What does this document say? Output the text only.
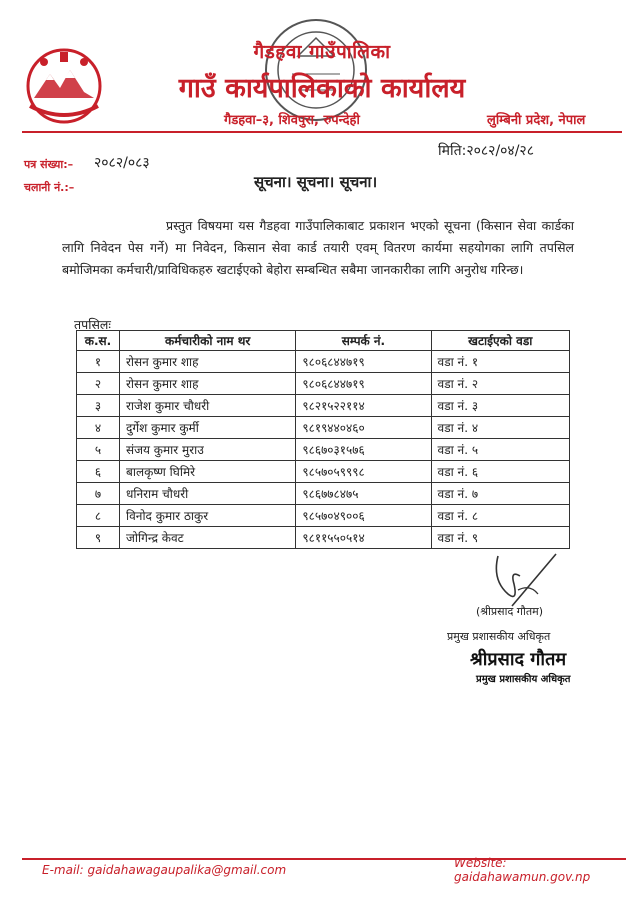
गैडहवा गाउँपालिका
गाउँ कार्यपालिकाको कार्यालय
गैडहवा–३, शिवपुरा, रुपन्देही	लुम्बिनी प्रदेश, नेपाल
मिति:२०८२/०४/२८
पत्र संख्या:– २०८२/०८३
चलानी नं.:–	सूचना। सूचना। सूचना।
प्रस्तुत विषयमा यस गैडहवा गाउँपालिकाबाट प्रकाशन भएको सूचना (किसान सेवा कार्डका लागि निवेदन पेस गर्ने) मा निवेदन, किसान सेवा कार्ड तयारी एवम् वितरण कार्यमा सहयोगका लागि तपसिल बमोजिमका कर्मचारी/प्राविधिकहरु खटाईएको बेहोरा सम्बन्धित सबैमा जानकारीका लागि अनुरोध गरिन्छ।
तपसिलः
क.स.	कर्मचारीको नाम थर	सम्पर्क नं.	खटाईएको वडा
१	रोसन कुमार शाह	९८०६८४४७१९	वडा नं. १
२	रोसन कुमार शाह	९८०६८४४७१९	वडा नं. २
३	राजेश कुमार चौधरी	९८२१५२२११४	वडा नं. ३
४	दुर्गेश कुमार कुर्मी	९८१९४४०४६०	वडा नं. ४
५	संजय कुमार मुराउ	९८६७०३१५७६	वडा नं. ५
६	बालकृष्ण घिमिरे	९८५७०५९९९८	वडा नं. ६
७	धनिराम चौधरी	९८६७७८४७५	वडा नं. ७
८	विनोद कुमार ठाकुर	९८५७०४९००६	वडा नं. ८
९	जोगिन्द्र केवट	९८११५५०५१४	वडा नं. ९
(श्रीप्रसाद गौतम)
प्रमुख प्रशासकीय अधिकृत
श्रीप्रसाद गौतम
प्रमुख प्रशासकीय अधिकृत
E-mail: gaidahawagaupalika@gmail.com	Website: gaidahawamun.gov.np
